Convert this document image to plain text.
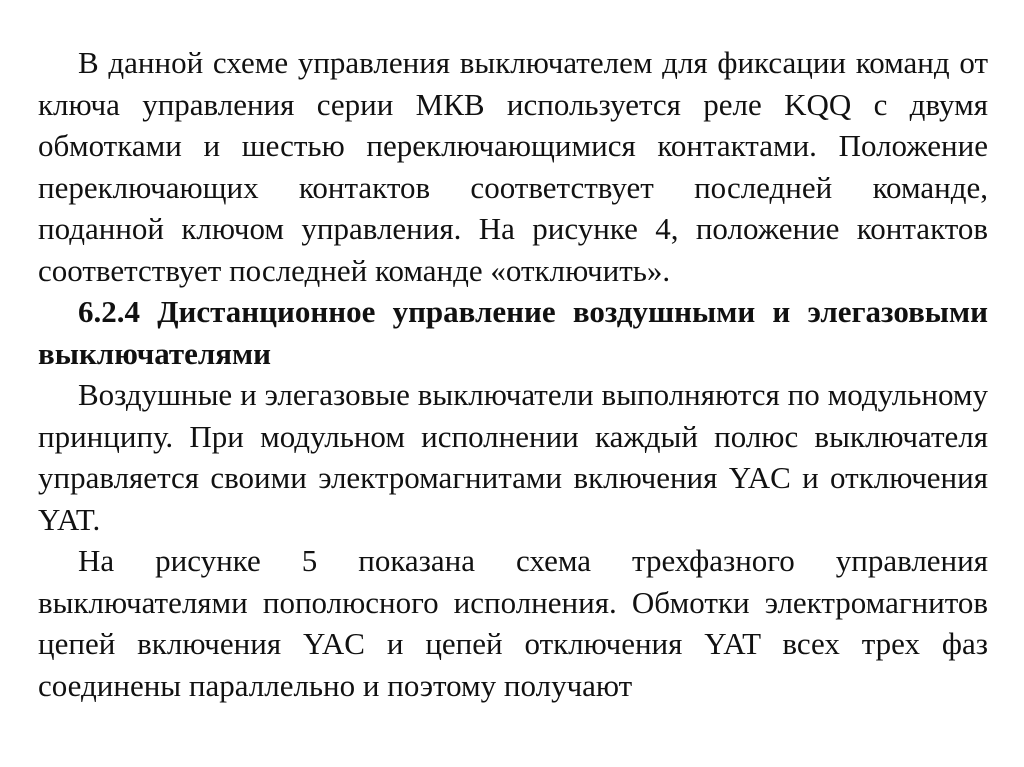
В данной схеме управления выключателем для фиксации команд от ключа управления серии МКВ используется реле KQQ с двумя обмотками и шестью переключающимися контактами. Положение переключающих контактов соответствует последней команде, поданной ключом управления. На рисунке 4, положение контактов соответствует последней команде «отключить».

6.2.4 Дистанционное управление воздушными и элегазовыми выключателями

Воздушные и элегазовые выключатели выполняются по модульному принципу. При модульном исполнении каждый полюс выключателя управляется своими электромагнитами включения YAC и отключения YAT.

На рисунке 5 показана схема трехфазного управления выключателями пополюсного исполнения. Обмотки электромагнитов цепей включения YAC и цепей отключения YAT всех трех фаз соединены параллельно и поэтому получают
